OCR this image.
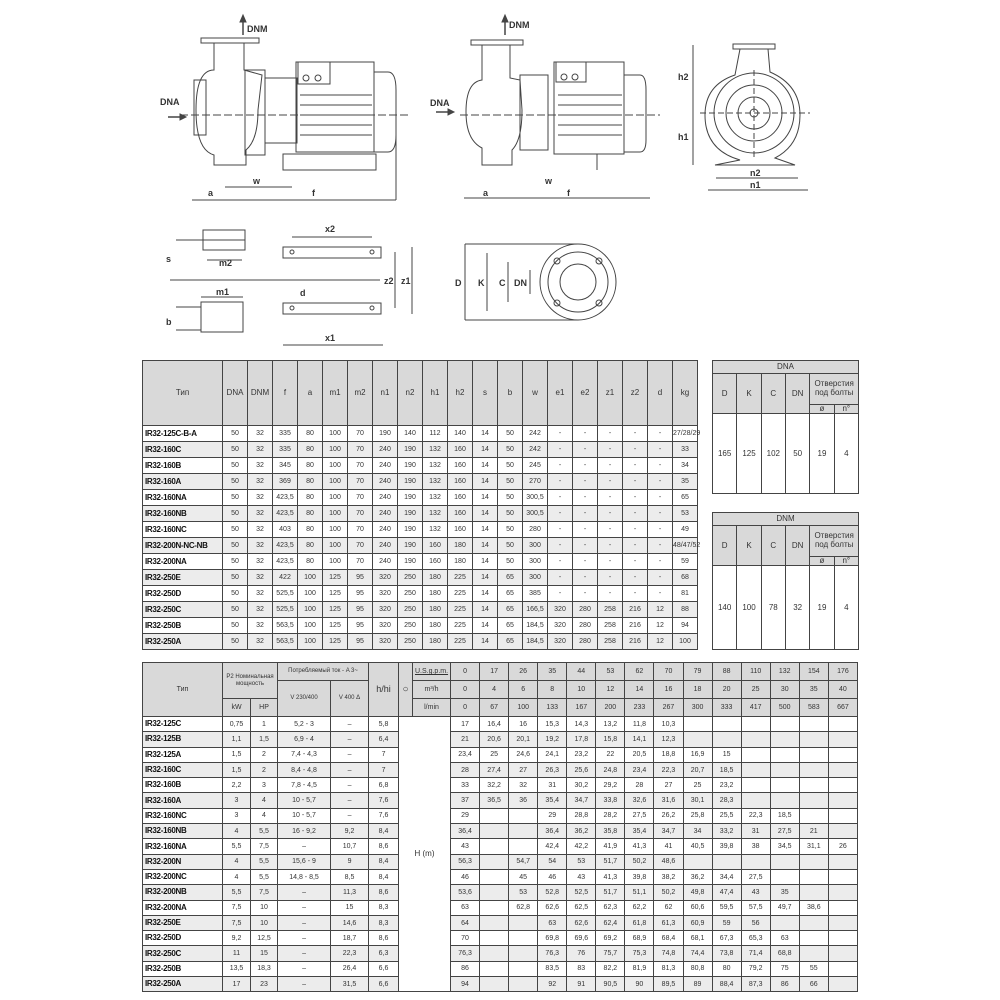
DNM
DNA
a
w
f
DNM
DNA
a
w
f
h2
h1
n2
n1
m2
m1
s
b
x2
x1
z2 z1
d
D K C DN
Тип	DNA	DNM	f	a	m1	m2	n1	n2	h1	h2	s	b	w	e1	e2	z1	z2	d	kg
IR32-125C-B-A	50	32	335	80	100	70	190	140	112	140	14	50	242	-	-	-	-	-	27/28/29
IR32-160C	50	32	335	80	100	70	240	190	132	160	14	50	242	-	-	-	-	-	33
IR32-160B	50	32	345	80	100	70	240	190	132	160	14	50	245	-	-	-	-	-	34
IR32-160A	50	32	369	80	100	70	240	190	132	160	14	50	270	-	-	-	-	-	35
IR32-160NA	50	32	423,5	80	100	70	240	190	132	160	14	50	300,5	-	-	-	-	-	65
IR32-160NB	50	32	423,5	80	100	70	240	190	132	160	14	50	300,5	-	-	-	-	-	53
IR32-160NC	50	32	403	80	100	70	240	190	132	160	14	50	280	-	-	-	-	-	49
IR32-200N-NC-NB	50	32	423,5	80	100	70	240	190	160	180	14	50	300	-	-	-	-	-	48/47/52
IR32-200NA	50	32	423,5	80	100	70	240	190	160	180	14	50	300	-	-	-	-	-	59
IR32-250E	50	32	422	100	125	95	320	250	180	225	14	65	300	-	-	-	-	-	68
IR32-250D	50	32	525,5	100	125	95	320	250	180	225	14	65	385	-	-	-	-	-	81
IR32-250C	50	32	525,5	100	125	95	320	250	180	225	14	65	166,5	320	280	258	216	12	88
IR32-250B	50	32	563,5	100	125	95	320	250	180	225	14	65	184,5	320	280	258	216	12	94
IR32-250A	50	32	563,5	100	125	95	320	250	180	225	14	65	184,5	320	280	258	216	12	100
DNA					
D	K	C	DN	Отверстия под болты	
				ø	n°
165	125	102	50	19	4
DNM					
D	K	C	DN	Отверстия под болты	
				ø	n°
140	100	78	32	19	4
Тип	P2 Номинальная мощность		Потребляемый ток - A 3~		h/hi	○	U.S.g.p.m.	0	17	26	35	44	53	62	70	79	88	110	132	154	176
			V 230/400	V 400 Δ			m³/h	0	4	6	8	10	12	14	16	18	20	25	30	35	40
	kW	HP					l/min	0	67	100	133	167	200	233	267	300	333	417	500	583	667
IR32-125C	0,75	1	5,2 - 3	–	5,8	H (m)		17	16,4	16	15,3	14,3	13,2	11,8	10,3						
IR32-125B	1,1	1,5	6,9 - 4	–	6,4			21	20,6	20,1	19,2	17,8	15,8	14,1	12,3						
IR32-125A	1,5	2	7,4 - 4,3	–	7			23,4	25	24,6	24,1	23,2	22	20,5	18,8	16,9	15				
IR32-160C	1,5	2	8,4 - 4,8	–	7			28	27,4	27	26,3	25,6	24,8	23,4	22,3	20,7	18,5				
IR32-160B	2,2	3	7,8 - 4,5	–	6,8			33	32,2	32	31	30,2	29,2	28	27	25	23,2				
IR32-160A	3	4	10 - 5,7	–	7,6			37	36,5	36	35,4	34,7	33,8	32,6	31,6	30,1	28,3				
IR32-160NC	3	4	10 - 5,7	–	7,6			29			29	28,8	28,2	27,5	26,2	25,8	25,5	22,3	18,5		
IR32-160NB	4	5,5	16 - 9,2	9,2	8,4			36,4			36,4	36,2	35,8	35,4	34,7	34	33,2	31	27,5	21	
IR32-160NA	5,5	7,5	–	10,7	8,6			43			42,4	42,2	41,9	41,3	41	40,5	39,8	38	34,5	31,1	26
IR32-200N	4	5,5	15,6 - 9	9	8,4			56,3		54,7	54	53	51,7	50,2	48,6						
IR32-200NC	4	5,5	14,8 - 8,5	8,5	8,4			46		45	46	43	41,3	39,8	38,2	36,2	34,4	27,5			
IR32-200NB	5,5	7,5	–	11,3	8,6			53,6		53	52,8	52,5	51,7	51,1	50,2	49,8	47,4	43	35		
IR32-200NA	7,5	10	–	15	8,3			63		62,8	62,6	62,5	62,3	62,2	62	60,6	59,5	57,5	49,7	38,6	
IR32-250E	7,5	10	–	14,6	8,3			64			63	62,6	62,4	61,8	61,3	60,9	59	56			
IR32-250D	9,2	12,5	–	18,7	8,6			70			69,8	69,6	69,2	68,9	68,4	68,1	67,3	65,3	63		
IR32-250C	11	15	–	22,3	6,3			76,3			76,3	76	75,7	75,3	74,8	74,4	73,8	71,4	68,8		
IR32-250B	13,5	18,3	–	26,4	6,6			86			83,5	83	82,2	81,9	81,3	80,8	80	79,2	75	55	
IR32-250A	17	23	–	31,5	6,6			94			92	91	90,5	90	89,5	89	88,4	87,3	86	66	
